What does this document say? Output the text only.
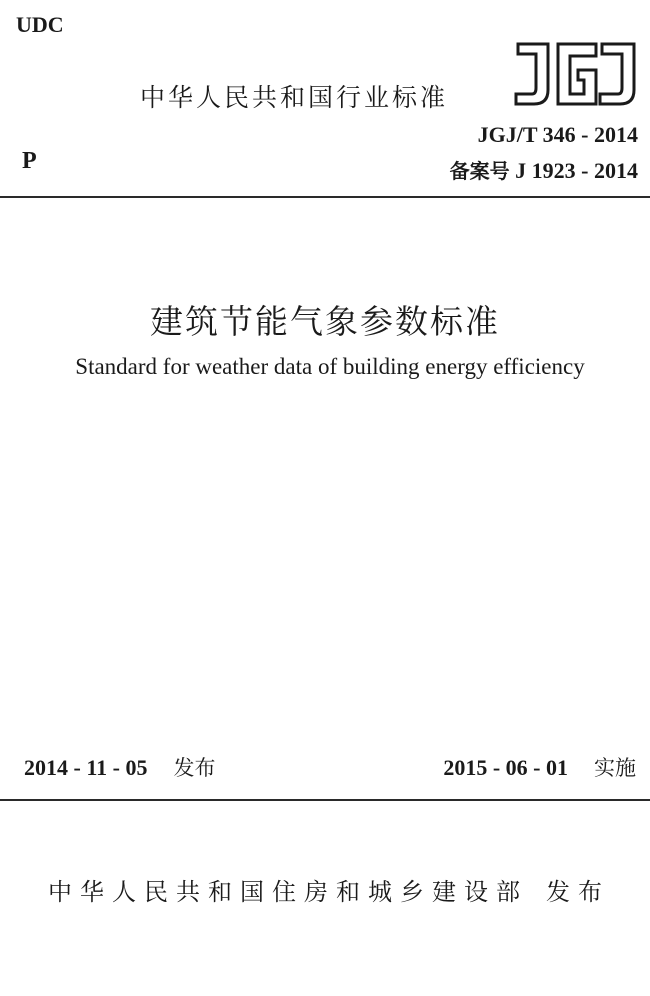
UDC
中华人民共和国行业标准
P
JGJ/T 346 - 2014
备案号 J 1923 - 2014
建筑节能气象参数标准
Standard for weather data of building energy efficiency
2014 - 11 - 05 发布	2015 - 06 - 01 实施
中华人民共和国住房和城乡建设部 发布
